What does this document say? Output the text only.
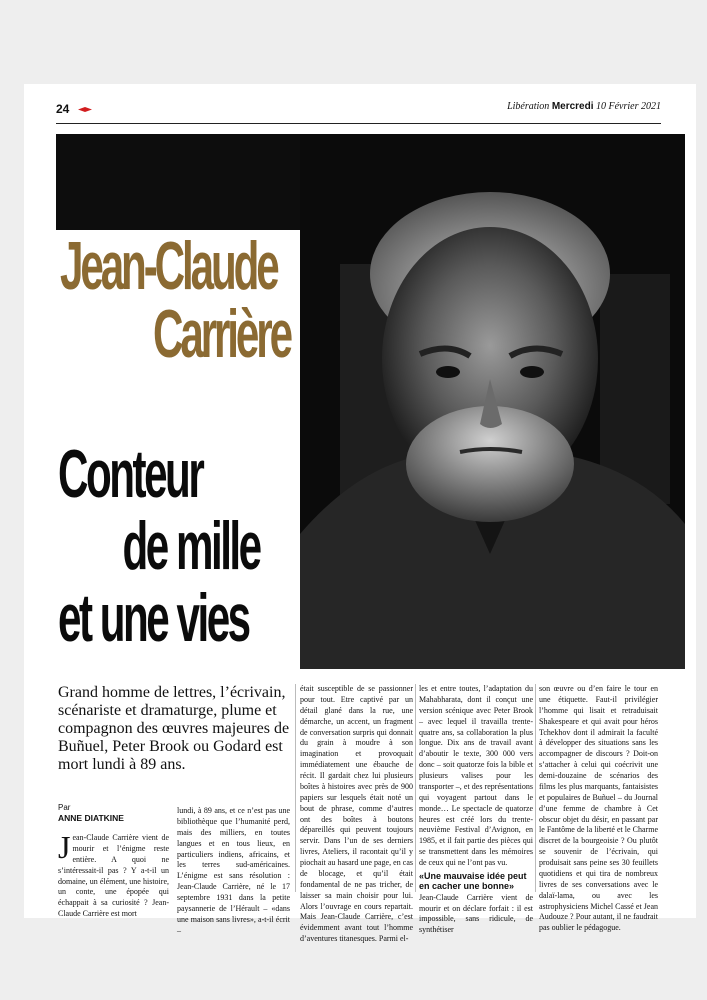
24	Libération Mercredi 10 Février 2021
Jean-Claude
Carrière
Conteur
de mille
et une vies

Grand homme de lettres, l’écrivain, scénariste et dramaturge, plume et compagnon des œuvres majeures de Buñuel, Peter Brook ou Godard est mort lundi à 89 ans.

Par
ANNE DIATKINE
Jean-Claude Carrière vient de mourir et l’énigme reste entière. A quoi ne s’intéressait-il pas ? Y a-t-il un domaine, un élément, une histoire, un conte, une épopée qui échappait à sa curiosité ? Jean-Claude Carrière est mort
lundi, à 89 ans, et ce n’est pas une bibliothèque que l’humanité perd, mais des milliers, en toutes langues et en tous lieux, en particuliers indiens, africains, et les terres sud-américaines. L’énigme est sans résolution : Jean-Claude Carrière, né le 17 septembre 1931 dans la petite paysannerie de l’Hérault – «dans une maison sans livres», a-t-il écrit –
était susceptible de se passionner pour tout. Etre captivé par un détail glané dans la rue, une démarche, un accent, un fragment de conversation surpris qui donnait du grain à moudre à son imagination et provoquait immédiatement une ébauche de récit. Il gardait chez lui plusieurs boîtes à histoires avec près de 900 papiers sur lesquels était noté un bout de phrase, comme d’autres ont des boîtes à boutons dépareillés qui peuvent toujours servir. Dans l’un de ses derniers livres, Ateliers, il racontait qu’il y piochait au hasard une page, en cas de blocage, et qu’il était fondamental de ne pas tricher, de laisser sa main choisir pour lui. Alors l’ouvrage en cours repartait. Mais Jean-Claude Carrière, c’est évidemment avant tout l’homme d’aventures titanesques. Parmi el-

les et entre toutes, l’adaptation du Mahabharata, dont il conçut une version scénique avec Peter Brook – avec lequel il travailla trente-quatre ans, sa collaboration la plus longue. Dix ans de travail avant d’aboutir le texte, 300 000 vers donc – soit quatorze fois la bible et plusieurs valises pour les transporter –, et des représentations qui voyagent partout dans le monde… Le spectacle de quatorze heures est créé lors du trente-neuvième Festival d’Avignon, en 1985, et il fait partie des pièces qui se transmettent dans les mémoires de ceux qui ne l’ont pas vu.

«Une mauvaise idée peut en cacher une bonne»

Jean-Claude Carrière vient de mourir et on déclare forfait : il est impossible, sans ridicule, de synthétiser

son œuvre ou d’en faire le tour en une étiquette. Faut-il privilégier l’homme qui lisait et retraduisait Shakespeare et qui avait pour héros Tchekhov dont il admirait la faculté à développer des situations sans les accompagner de discours ? Doit-on s’attacher à celui qui coécrivit une demi-douzaine de scénarios des films les plus marquants, fantaisistes et populaires de Buñuel – du Journal d’une femme de chambre à Cet obscur objet du désir, en passant par le Fantôme de la liberté et le Charme discret de la bourgeoisie ? Ou plutôt se souvenir de l’écrivain, qui produisait sans peine ses 30 feuillets quotidiens et qui tira de nombreux livres de ses conversations avec le dalaï-lama, ou avec les astrophysiciens Michel Cassé et Jean Audouze ? Pour autant, il ne faudrait pas oublier le pédagogue.
